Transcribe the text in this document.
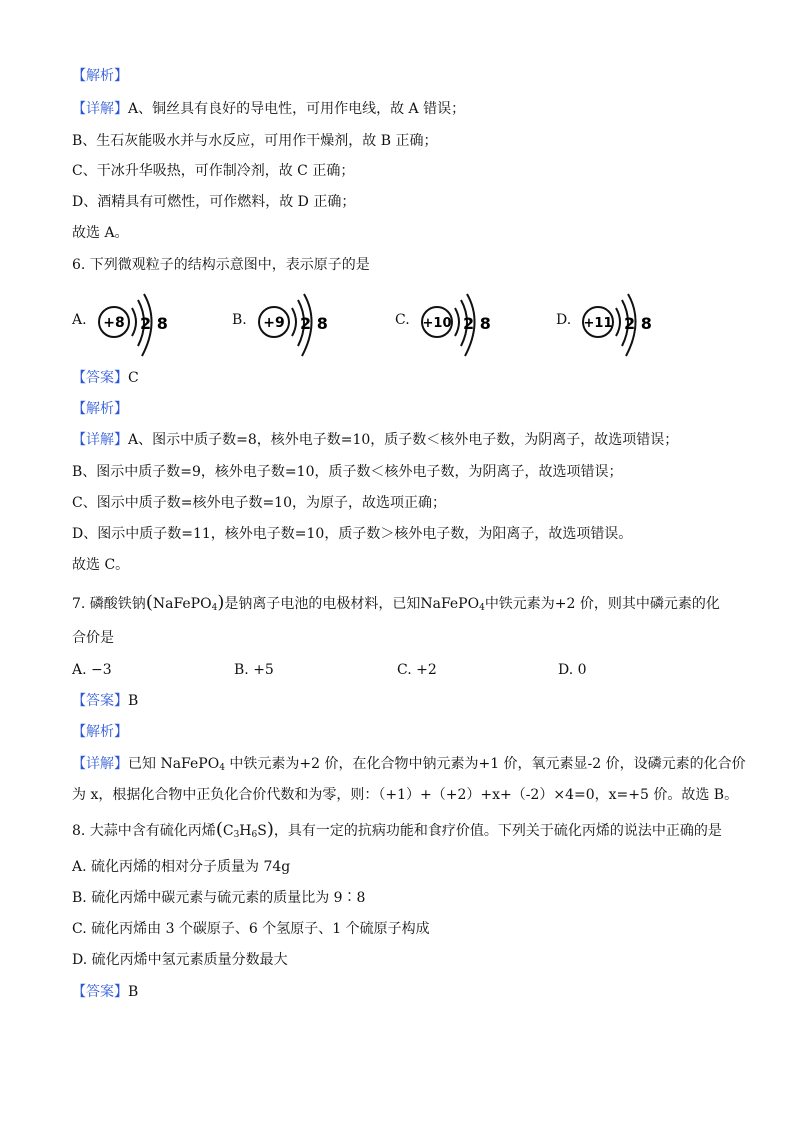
【解析】
【详解】A、铜丝具有良好的导电性，可用作电线，故 A 错误；
B、生石灰能吸水并与水反应，可用作干燥剂，故 B 正确；
C、干冰升华吸热，可作制冷剂，故 C 正确；
D、酒精具有可燃性，可作燃料，故 D 正确；
故选 A。
6. 下列微观粒子的结构示意图中，表示原子的是
A. +8 2 8	B. +9 2 8	C. +10 2 8	D. +11 2 8
【答案】C
【解析】
【详解】A、图示中质子数=8，核外电子数=10，质子数＜核外电子数，为阴离子，故选项错误；
B、图示中质子数=9，核外电子数=10，质子数＜核外电子数，为阴离子，故选项错误；
C、图示中质子数=核外电子数=10，为原子，故选项正确；
D、图示中质子数=11，核外电子数=10，质子数＞核外电子数，为阳离子，故选项错误。
故选 C。
7. 磷酸铁钠(NaFePO$_4$)是钠离子电池的电极材料，已知NaFePO$_4$中铁元素为+2 价，则其中磷元素的化
合价是
A. −3	B. +5	C. +2	D. 0
【答案】B
【解析】
【详解】已知 NaFePO$_4$ 中铁元素为+2 价，在化合物中钠元素为+1 价，氧元素显-2 价，设磷元素的化合价
为 x，根据化合物中正负化合价代数和为零，则：（+1）+（+2）+x+（-2）×4=0，x=+5 价。故选 B。
8. 大蒜中含有硫化丙烯$(C_3H_6S)$，具有一定的抗病功能和食疗价值。下列关于硫化丙烯的说法中正确的是
A. 硫化丙烯的相对分子质量为 74g
B. 硫化丙烯中碳元素与硫元素的质量比为 9∶8
C. 硫化丙烯由 3 个碳原子、6 个氢原子、1 个硫原子构成
D. 硫化丙烯中氢元素质量分数最大
【答案】B
